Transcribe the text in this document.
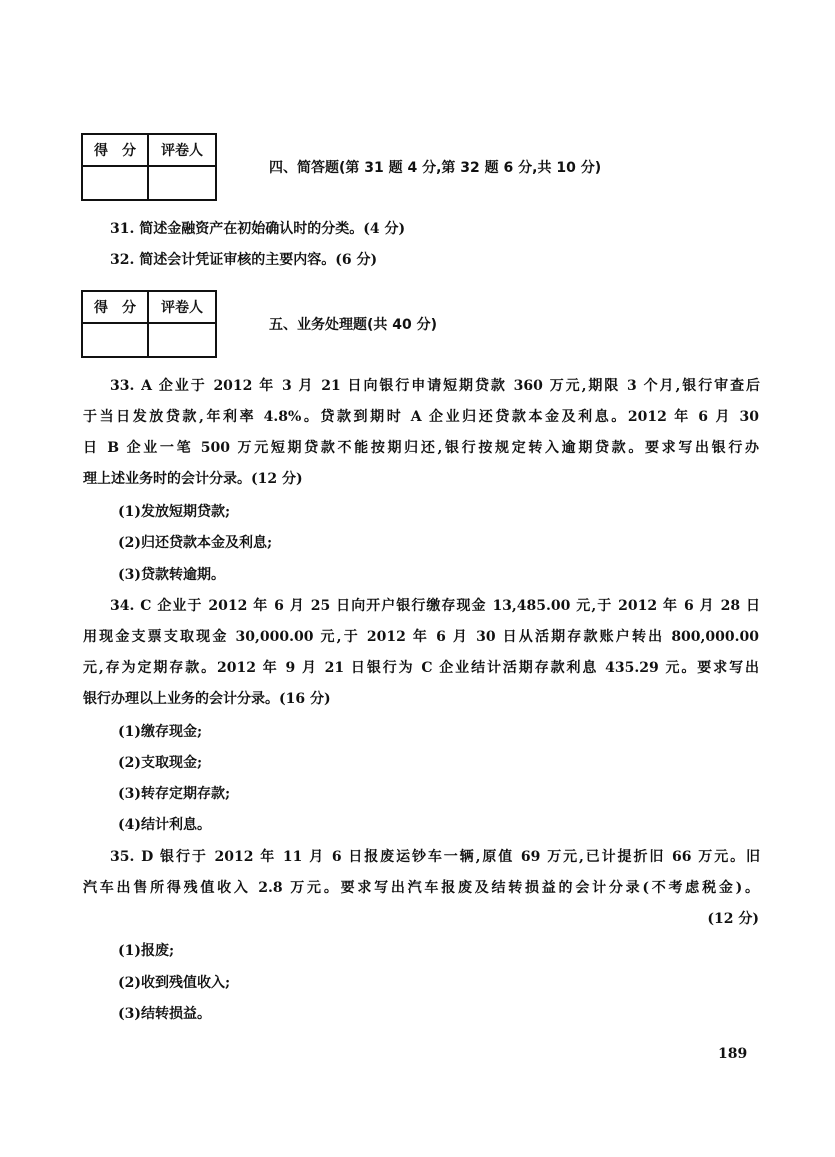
得　分	评卷人

四、简答题(第 31 题 4 分,第 32 题 6 分,共 10 分)
31. 简述金融资产在初始确认时的分类。(4 分)
32. 简述会计凭证审核的主要内容。(6 分)
得　分	评卷人

五、业务处理题(共 40 分)
33. A 企业于 2012 年 3 月 21 日向银行申请短期贷款 360 万元,期限 3 个月,银行审查后
于当日发放贷款,年利率 4.8%。贷款到期时 A 企业归还贷款本金及利息。2012 年 6 月 30
日 B 企业一笔 500 万元短期贷款不能按期归还,银行按规定转入逾期贷款。要求写出银行办
理上述业务时的会计分录。(12 分)
(1)发放短期贷款;
(2)归还贷款本金及利息;
(3)贷款转逾期。
34. C 企业于 2012 年 6 月 25 日向开户银行缴存现金 13,485.00 元,于 2012 年 6 月 28 日
用现金支票支取现金 30,000.00 元,于 2012 年 6 月 30 日从活期存款账户转出 800,000.00
元,存为定期存款。2012 年 9 月 21 日银行为 C 企业结计活期存款利息 435.29 元。要求写出
银行办理以上业务的会计分录。(16 分)
(1)缴存现金;
(2)支取现金;
(3)转存定期存款;
(4)结计利息。
35. D 银行于 2012 年 11 月 6 日报废运钞车一辆,原值 69 万元,已计提折旧 66 万元。旧
汽车出售所得残值收入 2.8 万元。要求写出汽车报废及结转损益的会计分录(不考虑税金)。
(12 分)
(1)报废;
(2)收到残值收入;
(3)结转损益。
189
